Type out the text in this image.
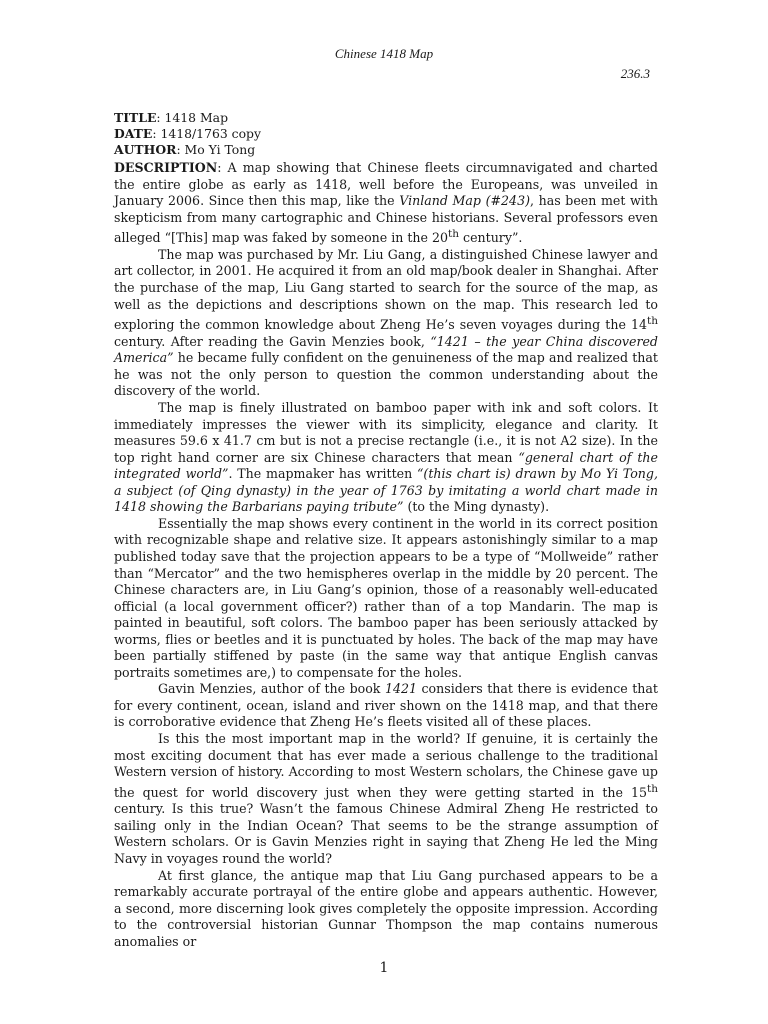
Chinese 1418 Map
236.3
TITLE: 1418 Map
DATE: 1418/1763 copy
AUTHOR: Mo Yi Tong

DESCRIPTION: A map showing that Chinese fleets circumnavigated and charted the entire globe as early as 1418, well before the Europeans, was unveiled in January 2006. Since then this map, like the Vinland Map (#243), has been met with skepticism from many cartographic and Chinese historians. Several professors even alleged “[This] map was faked by someone in the 20th century”.

The map was purchased by Mr. Liu Gang, a distinguished Chinese lawyer and art collector, in 2001. He acquired it from an old map/book dealer in Shanghai. After the purchase of the map, Liu Gang started to search for the source of the map, as well as the depictions and descriptions shown on the map. This research led to exploring the common knowledge about Zheng He’s seven voyages during the 14th century. After reading the Gavin Menzies book, “1421 – the year China discovered America” he became fully confident on the genuineness of the map and realized that he was not the only person to question the common understanding about the discovery of the world.

The map is finely illustrated on bamboo paper with ink and soft colors. It immediately impresses the viewer with its simplicity, elegance and clarity. It measures 59.6 x 41.7 cm but is not a precise rectangle (i.e., it is not A2 size). In the top right hand corner are six Chinese characters that mean “general chart of the integrated world”. The mapmaker has written “(this chart is) drawn by Mo Yi Tong, a subject (of Qing dynasty) in the year of 1763 by imitating a world chart made in 1418 showing the Barbarians paying tribute” (to the Ming dynasty).

Essentially the map shows every continent in the world in its correct position with recognizable shape and relative size. It appears astonishingly similar to a map published today save that the projection appears to be a type of “Mollweide” rather than “Mercator” and the two hemispheres overlap in the middle by 20 percent. The Chinese characters are, in Liu Gang’s opinion, those of a reasonably well-educated official (a local government officer?) rather than of a top Mandarin. The map is painted in beautiful, soft colors. The bamboo paper has been seriously attacked by worms, flies or beetles and it is punctuated by holes. The back of the map may have been partially stiffened by paste (in the same way that antique English canvas portraits sometimes are,) to compensate for the holes.

Gavin Menzies, author of the book 1421 considers that there is evidence that for every continent, ocean, island and river shown on the 1418 map, and that there is corroborative evidence that Zheng He’s fleets visited all of these places.

Is this the most important map in the world? If genuine, it is certainly the most exciting document that has ever made a serious challenge to the traditional Western version of history. According to most Western scholars, the Chinese gave up the quest for world discovery just when they were getting started in the 15th century. Is this true? Wasn’t the famous Chinese Admiral Zheng He restricted to sailing only in the Indian Ocean? That seems to be the strange assumption of Western scholars. Or is Gavin Menzies right in saying that Zheng He led the Ming Navy in voyages round the world?

At first glance, the antique map that Liu Gang purchased appears to be a remarkably accurate portrayal of the entire globe and appears authentic. However, a second, more discerning look gives completely the opposite impression. According to the controversial historian Gunnar Thompson the map contains numerous anomalies or

1
